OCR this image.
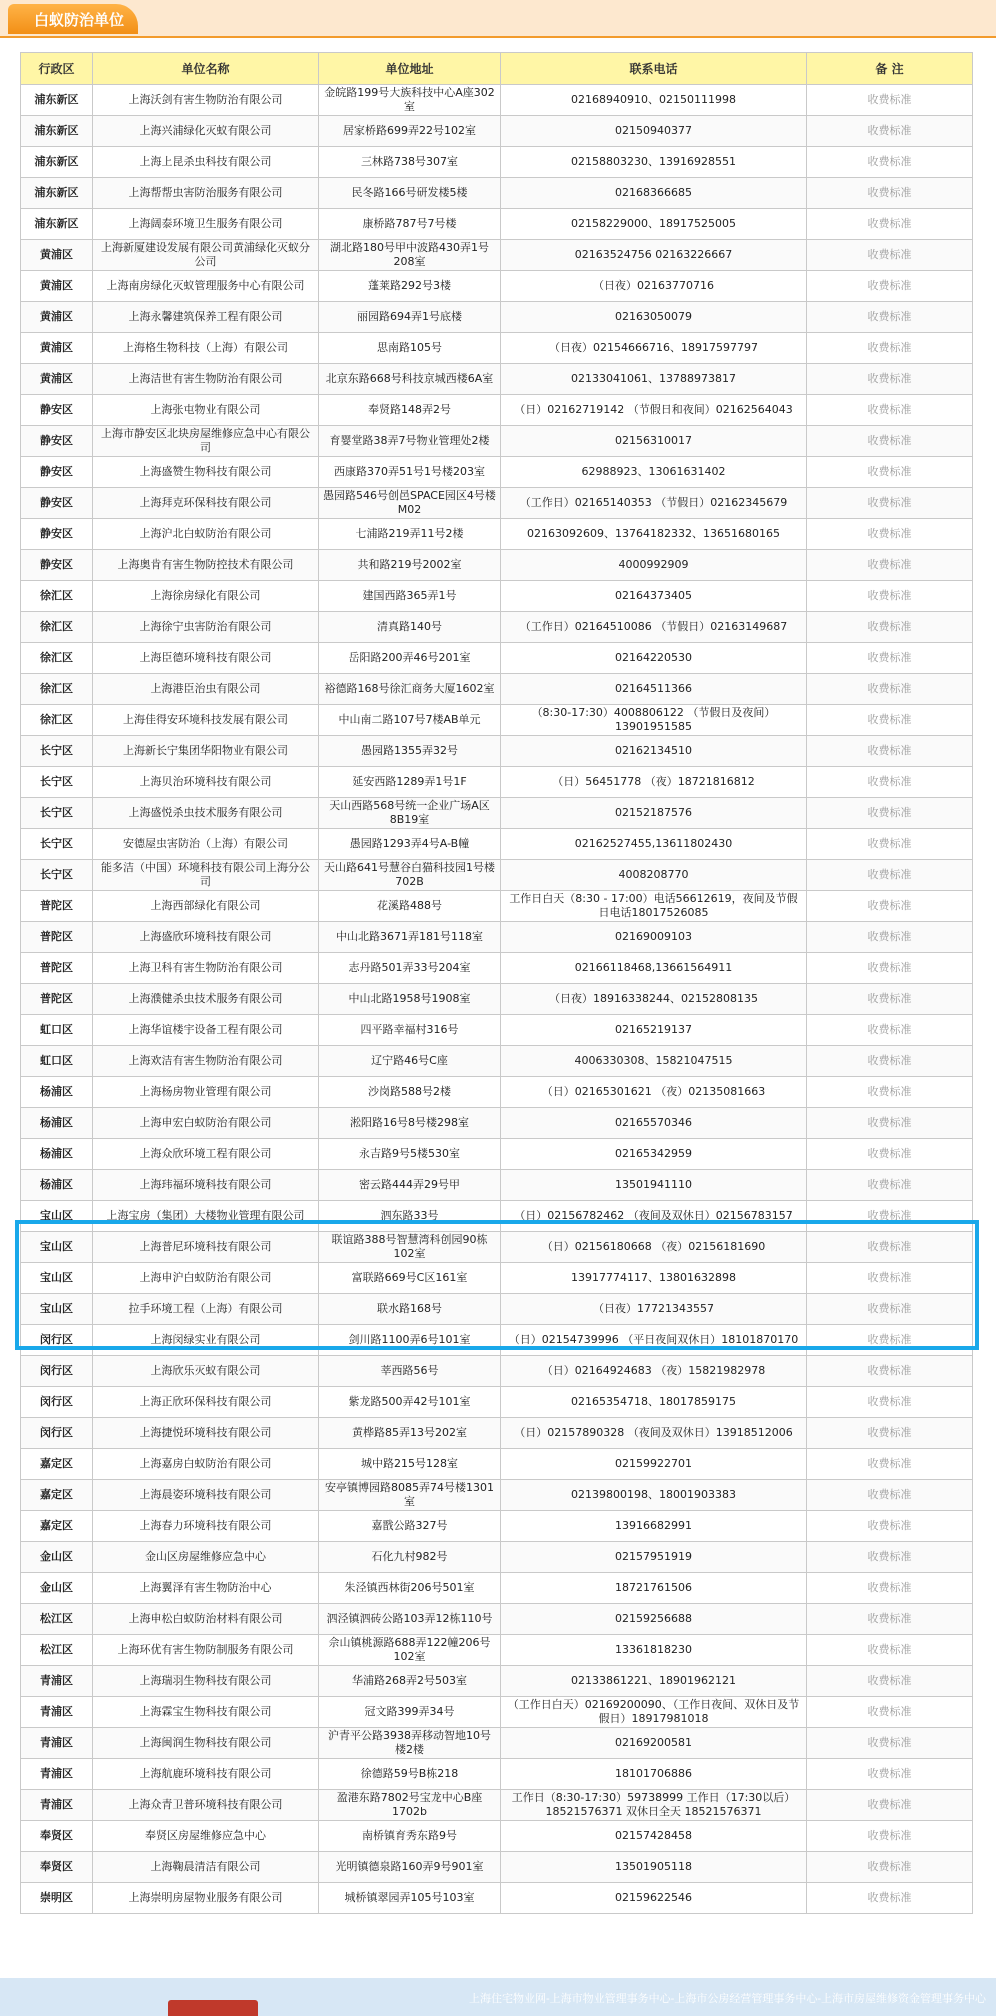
白蚁防治单位
行政区	单位名称	单位地址	联系电话	备 注
浦东新区	上海沃剑有害生物防治有限公司	金皖路199号大族科技中心A座302室	02168940910、02150111998	收费标准
浦东新区	上海兴浦绿化灭蚁有限公司	居家桥路699弄22号102室	02150940377	收费标准
浦东新区	上海上昆杀虫科技有限公司	三林路738号307室	02158803230、13916928551	收费标准
浦东新区	上海帮帮虫害防治服务有限公司	民冬路166号研发楼5楼	02168366685	收费标准
浦东新区	上海阔泰环境卫生服务有限公司	康桥路787号7号楼	02158229000、18917525005	收费标准
黄浦区	上海新厦建设发展有限公司黄浦绿化灭蚁分公司	湖北路180号甲中波路430弄1号208室	02163524756 02163226667	收费标准
黄浦区	上海南房绿化灭蚁管理服务中心有限公司	蓬莱路292号3楼	（日夜）02163770716	收费标准
黄浦区	上海永馨建筑保养工程有限公司	丽园路694弄1号底楼	02163050079	收费标准
黄浦区	上海格生物科技（上海）有限公司	思南路105号	（日夜）02154666716、18917597797	收费标准
黄浦区	上海洁世有害生物防治有限公司	北京东路668号科技京城西楼6A室	02133041061、13788973817	收费标准
静安区	上海张屯物业有限公司	奉贤路148弄2号	（日）02162719142 （节假日和夜间）02162564043	收费标准
静安区	上海市静安区北块房屋维修应急中心有限公司	育婴堂路38弄7号物业管理处2楼	02156310017	收费标准
静安区	上海盛赞生物科技有限公司	西康路370弄51号1号楼203室	62988923、13061631402	收费标准
静安区	上海拜克环保科技有限公司	愚园路546号创邑SPACE园区4号楼M02	（工作日）02165140353 （节假日）02162345679	收费标准
静安区	上海沪北白蚁防治有限公司	七浦路219弄11号2楼	02163092609、13764182332、13651680165	收费标准
静安区	上海奥肯有害生物防控技术有限公司	共和路219号2002室	4000992909	收费标准
徐汇区	上海徐房绿化有限公司	建国西路365弄1号	02164373405	收费标准
徐汇区	上海徐宁虫害防治有限公司	清真路140号	（工作日）02164510086 （节假日）02163149687	收费标准
徐汇区	上海臣德环境科技有限公司	岳阳路200弄46号201室	02164220530	收费标准
徐汇区	上海港臣治虫有限公司	裕德路168号徐汇商务大厦1602室	02164511366	收费标准
徐汇区	上海佳得安环境科技发展有限公司	中山南二路107号7楼AB单元	（8:30-17:30）4008806122 （节假日及夜间）13901951585	收费标准
长宁区	上海新长宁集团华阳物业有限公司	愚园路1355弄32号	02162134510	收费标准
长宁区	上海贝治环境科技有限公司	延安西路1289弄1号1F	（日）56451778 （夜）18721816812	收费标准
长宁区	上海盛悦杀虫技术服务有限公司	天山西路568号统一企业广场A区8B19室	02152187576	收费标准
长宁区	安德屋虫害防治（上海）有限公司	愚园路1293弄4号A-B幢	02162527455,13611802430	收费标准
长宁区	能多洁（中国）环境科技有限公司上海分公司	天山路641号慧谷白猫科技园1号楼702B	4008208770	收费标准
普陀区	上海西部绿化有限公司	花溪路488号	工作日白天（8:30 - 17:00）电话56612619，夜间及节假日电话18017526085	收费标准
普陀区	上海盛欣环境科技有限公司	中山北路3671弄181号118室	02169009103	收费标准
普陀区	上海卫科有害生物防治有限公司	志丹路501弄33号204室	02166118468,13661564911	收费标准
普陀区	上海濮健杀虫技术服务有限公司	中山北路1958号1908室	（日夜）18916338244、02152808135	收费标准
虹口区	上海华谊楼宇设备工程有限公司	四平路幸福村316号	02165219137	收费标准
虹口区	上海欢洁有害生物防治有限公司	辽宁路46号C座	4006330308、15821047515	收费标准
杨浦区	上海杨房物业管理有限公司	沙岗路588号2楼	（日）02165301621 （夜）02135081663	收费标准
杨浦区	上海申宏白蚁防治有限公司	淞阳路16号8号楼298室	02165570346	收费标准
杨浦区	上海众欣环境工程有限公司	永吉路9号5楼530室	02165342959	收费标准
杨浦区	上海玮福环境科技有限公司	密云路444弄29号甲	13501941110	收费标准
宝山区	上海宝房（集团）大楼物业管理有限公司	泗东路33号	（日）02156782462 （夜间及双休日）02156783157	收费标准
宝山区	上海普尼环境科技有限公司	联谊路388号智慧湾科创园90栋102室	（日）02156180668 （夜）02156181690	收费标准
宝山区	上海申沪白蚁防治有限公司	富联路669号C区161室	13917774117、13801632898	收费标准
宝山区	拉手环境工程（上海）有限公司	联水路168号	（日夜）17721343557	收费标准
闵行区	上海闵绿实业有限公司	剑川路1100弄6号101室	（日）02154739996 （平日夜间双休日）18101870170	收费标准
闵行区	上海欣乐灭蚁有限公司	莘西路56号	（日）02164924683 （夜）15821982978	收费标准
闵行区	上海正欣环保科技有限公司	紫龙路500弄42号101室	02165354718、18017859175	收费标准
闵行区	上海捷悦环境科技有限公司	黄桦路85弄13号202室	（日）02157890328 （夜间及双休日）13918512006	收费标准
嘉定区	上海嘉房白蚁防治有限公司	城中路215号128室	02159922701	收费标准
嘉定区	上海晨姿环境科技有限公司	安亭镇博园路8085弄74号楼1301室	02139800198、18001903383	收费标准
嘉定区	上海春力环境科技有限公司	嘉戬公路327号	13916682991	收费标准
金山区	金山区房屋维修应急中心	石化九村982号	02157951919	收费标准
金山区	上海翼泽有害生物防治中心	朱泾镇西林街206号501室	18721761506	收费标准
松江区	上海申松白蚁防治材料有限公司	泗泾镇泗砖公路103弄12栋110号	02159256688	收费标准
松江区	上海环优有害生物防制服务有限公司	佘山镇桃源路688弄122幢206号102室	13361818230	收费标准
青浦区	上海瑞羽生物科技有限公司	华浦路268弄2号503室	02133861221、18901962121	收费标准
青浦区	上海霖宝生物科技有限公司	冠文路399弄34号	（工作日白天）02169200090、（工作日夜间、双休日及节假日）18917981018	收费标准
青浦区	上海闽润生物科技有限公司	沪青平公路3938弄移动智地10号楼2楼	02169200581	收费标准
青浦区	上海航鹿环境科技有限公司	徐德路59号B栋218	18101706886	收费标准
青浦区	上海众青卫普环境科技有限公司	盈港东路7802号宝龙中心B座1702b	工作日（8:30-17:30）59738999 工作日（17:30以后）18521576371 双休日全天 18521576371	收费标准
奉贤区	奉贤区房屋维修应急中心	南桥镇育秀东路9号	02157428458	收费标准
奉贤区	上海鞠晨清洁有限公司	光明镇德泉路160弄9号901室	13501905118	收费标准
崇明区	上海崇明房屋物业服务有限公司	城桥镇翠园弄105号103室	02159622546	收费标准
上海住宅物业网-上海市物业管理事务中心-上海市公房经营管理事务中心-上海市房屋维修资金管理事务中心
